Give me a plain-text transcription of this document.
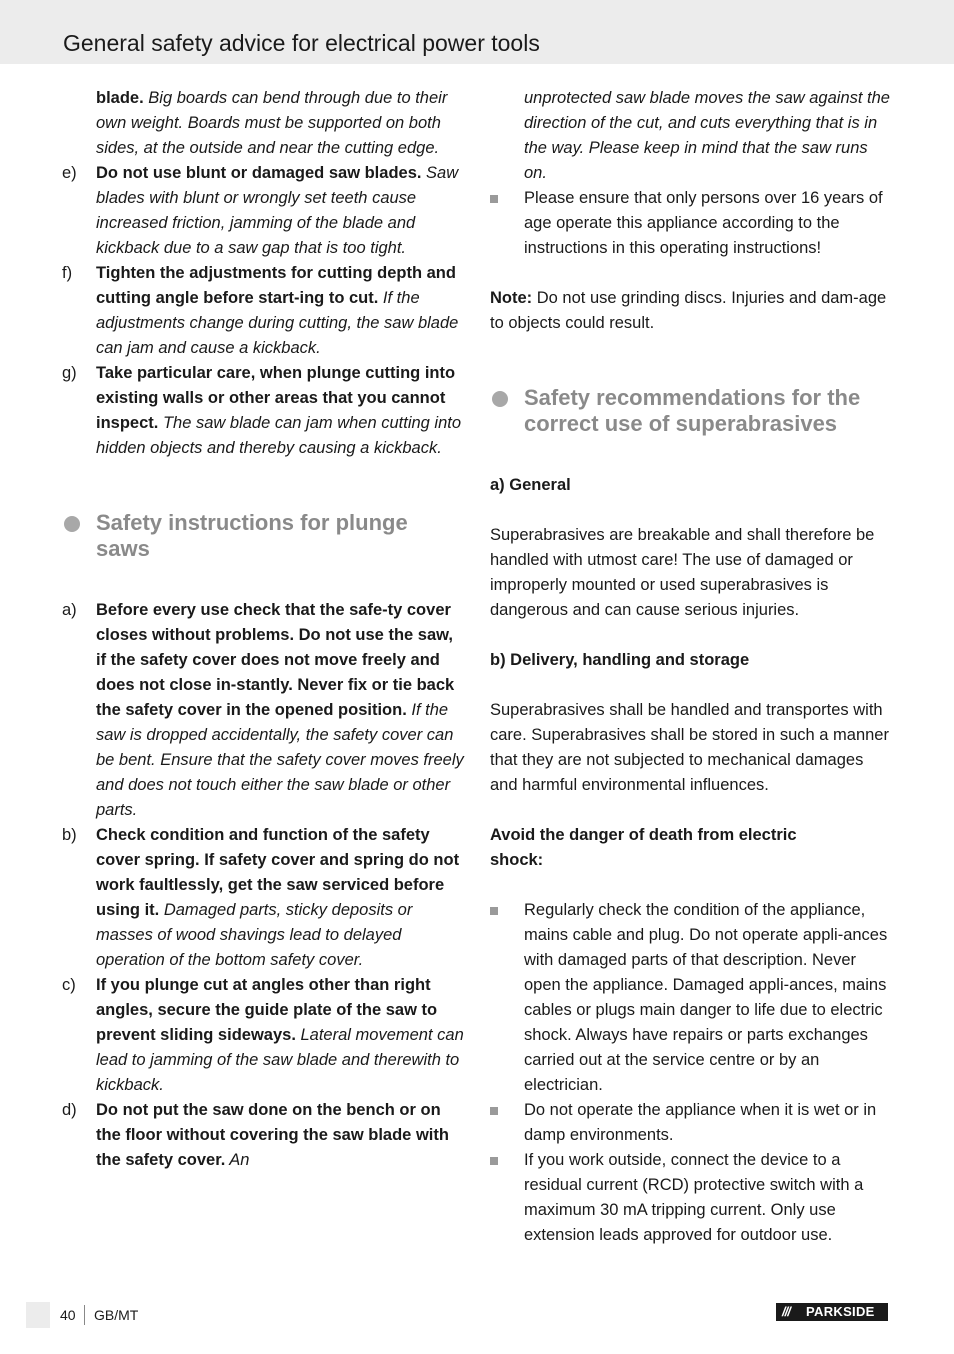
General safety advice for electrical power tools

blade. Big boards can bend through due to their own weight. Boards must be supported on both sides, at the outside and near the cutting edge.

e) Do not use blunt or damaged saw blades. Saw blades with blunt or wrongly set teeth cause increased friction, jamming of the blade and kickback due to a saw gap that is too tight.

f) Tighten the adjustments for cutting depth and cutting angle before start-ing to cut. If the adjustments change during cutting, the saw blade can jam and cause a kickback.

g) Take particular care, when plunge cutting into existing walls or other areas that you cannot inspect. The saw blade can jam when cutting into hidden objects and thereby causing a kickback.

Safety instructions for plunge saws

a) Before every use check that the safe-ty cover closes without problems. Do not use the saw, if the safety cover does not move freely and does not close in-stantly. Never fix or tie back the safety cover in the opened position. If the saw is dropped accidentally, the safety cover can be bent. Ensure that the safety cover moves freely and does not touch either the saw blade or other parts.

b) Check condition and function of the safety cover spring. If safety cover and spring do not work faultlessly, get the saw serviced before using it. Damaged parts, sticky deposits or masses of wood shavings lead to delayed operation of the bottom safety cover.

c) If you plunge cut at angles other than right angles, secure the guide plate of the saw to prevent sliding sideways. Lateral movement can lead to jamming of the saw blade and therewith to kickback.

d) Do not put the saw done on the bench or on the floor without covering the saw blade with the safety cover. An

unprotected saw blade moves the saw against the direction of the cut, and cuts everything that is in the way. Please keep in mind that the saw runs on.

Please ensure that only persons over 16 years of age operate this appliance according to the instructions in this operating instructions!

Note: Do not use grinding discs. Injuries and dam-age to objects could result.

Safety recommendations for the correct use of superabrasives

a) General

Superabrasives are breakable and shall therefore be handled with utmost care! The use of damaged or improperly mounted or used superabrasives is dangerous and can cause serious injuries.

b) Delivery, handling and storage

Superabrasives shall be handled and transportes with care. Superabrasives shall be stored in such a manner that they are not subjected to mechanical damages and harmful environmental influences.

Avoid the danger of death from electric shock:

Regularly check the condition of the appliance, mains cable and plug. Do not operate appli-ances with damaged parts of that description. Never open the appliance. Damaged appli-ances, mains cables or plugs main danger to life due to electric shock. Always have repairs or parts exchanges carried out at the service centre or by an electrician.

Do not operate the appliance when it is wet or in damp environments.

If you work outside, connect the device to a residual current (RCD) protective switch with a maximum 30 mA tripping current. Only use extension leads approved for outdoor use.

40 GB/MT	/// PARKSIDE
